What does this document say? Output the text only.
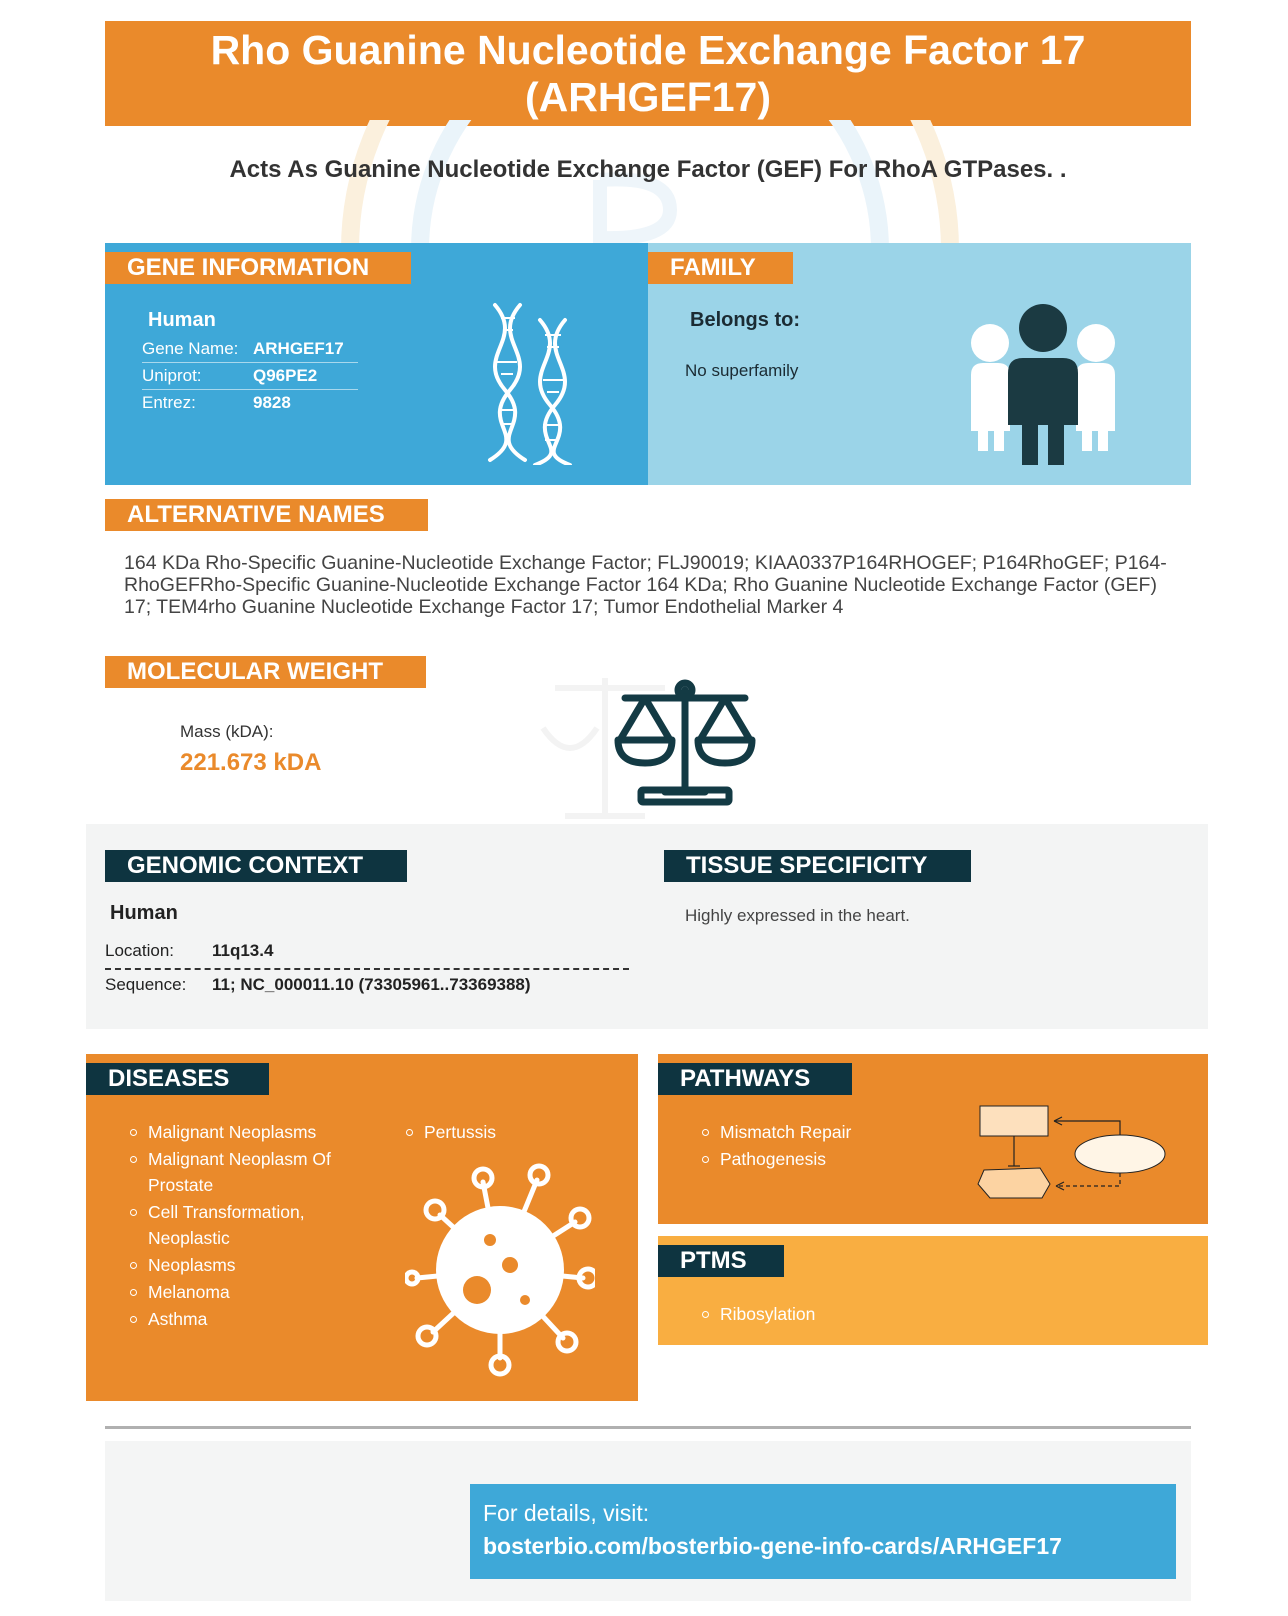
Rho Guanine Nucleotide Exchange Factor 17
(ARHGEF17)
Acts As Guanine Nucleotide Exchange Factor (GEF) For RhoA GTPases. .
GENE INFORMATION
Human
Gene Name: ARHGEF17
Uniprot:	Q96PE2
Entrez:	9828
FAMILY
Belongs to:
No superfamily
ALTERNATIVE NAMES
164 KDa Rho-Specific Guanine-Nucleotide Exchange Factor; FLJ90019; KIAA0337P164RHOGEF; P164RhoGEF; P164-RhoGEFRho-Specific Guanine-Nucleotide Exchange Factor 164 KDa; Rho Guanine Nucleotide Exchange Factor (GEF) 17; TEM4rho Guanine Nucleotide Exchange Factor 17; Tumor Endothelial Marker 4
MOLECULAR WEIGHT
Mass (kDA):
221.673 kDA
GENOMIC CONTEXT
Human
Location: 11q13.4
Sequence: 11; NC_000011.10 (73305961..73369388)
TISSUE SPECIFICITY
Highly expressed in the heart.
DISEASES
Malignant Neoplasms
Malignant Neoplasm Of Prostate
Cell Transformation, Neoplastic
Neoplasms
Melanoma
Asthma
Pertussis
PATHWAYS
Mismatch Repair
Pathogenesis
PTMS
Ribosylation
For details, visit:
bosterbio.com/bosterbio-gene-info-cards/ARHGEF17
